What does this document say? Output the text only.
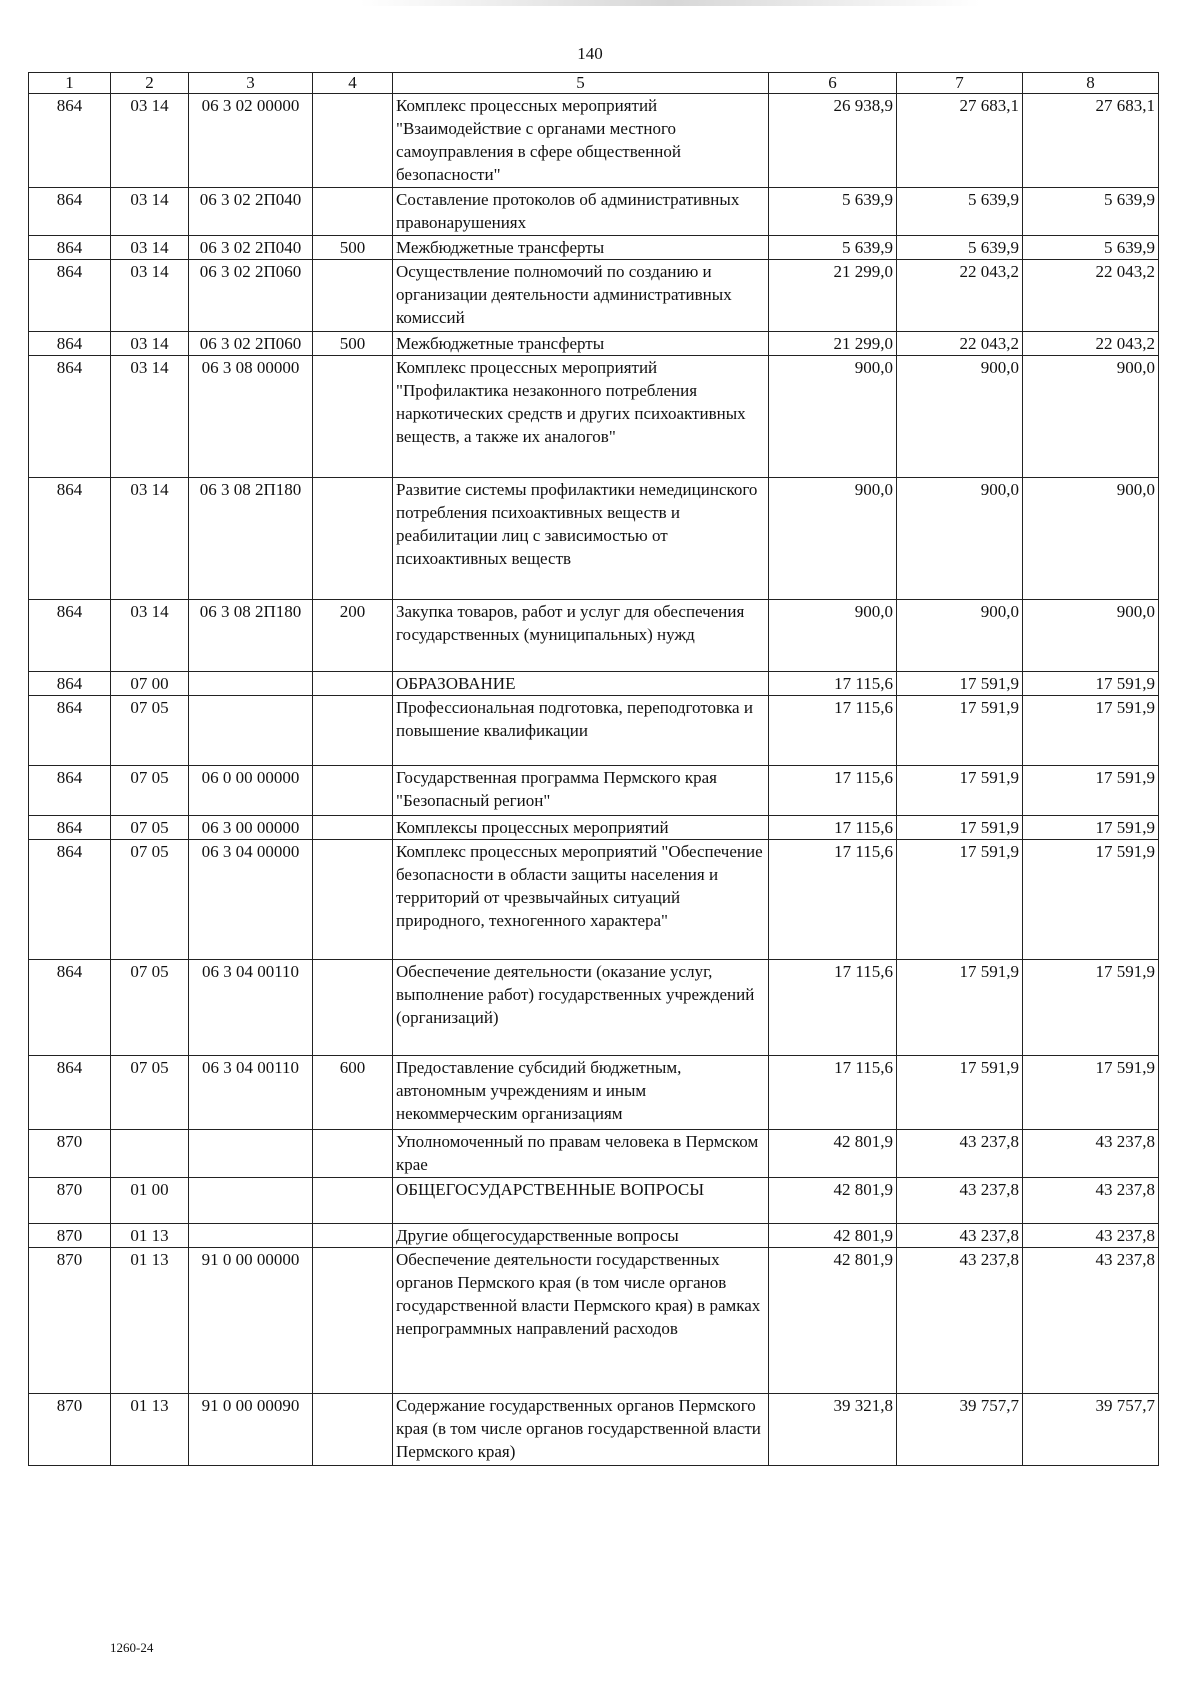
140
1	2	3	4	5	6	7	8
864	03 14	06 3 02 00000		Комплекс процессных мероприятий "Взаимодействие с органами местного самоуправления в сфере общественной безопасности"	26 938,9	27 683,1	27 683,1
864	03 14	06 3 02 2П040		Составление протоколов об административных правонарушениях	5 639,9	5 639,9	5 639,9
864	03 14	06 3 02 2П040	500	Межбюджетные трансферты	5 639,9	5 639,9	5 639,9
864	03 14	06 3 02 2П060		Осуществление полномочий по созданию и организации деятельности административных комиссий	21 299,0	22 043,2	22 043,2
864	03 14	06 3 02 2П060	500	Межбюджетные трансферты	21 299,0	22 043,2	22 043,2
864	03 14	06 3 08 00000		Комплекс процессных мероприятий "Профилактика незаконного потребления наркотических средств и других психоактивных веществ, а также их аналогов"	900,0	900,0	900,0
864	03 14	06 3 08 2П180		Развитие системы профилактики немедицинского потребления психоактивных веществ и реабилитации лиц с зависимостью от психоактивных веществ	900,0	900,0	900,0
864	03 14	06 3 08 2П180	200	Закупка товаров, работ и услуг для обеспечения государственных (муниципальных) нужд	900,0	900,0	900,0
864	07 00			ОБРАЗОВАНИЕ	17 115,6	17 591,9	17 591,9
864	07 05			Профессиональная подготовка, переподготовка и повышение квалификации	17 115,6	17 591,9	17 591,9
864	07 05	06 0 00 00000		Государственная программа Пермского края "Безопасный регион"	17 115,6	17 591,9	17 591,9
864	07 05	06 3 00 00000		Комплексы процессных мероприятий	17 115,6	17 591,9	17 591,9
864	07 05	06 3 04 00000		Комплекс процессных мероприятий "Обеспечение безопасности в области защиты населения и территорий от чрезвычайных ситуаций природного, техногенного характера"	17 115,6	17 591,9	17 591,9
864	07 05	06 3 04 00110		Обеспечение деятельности (оказание услуг, выполнение работ) государственных учреждений (организаций)	17 115,6	17 591,9	17 591,9
864	07 05	06 3 04 00110	600	Предоставление субсидий бюджетным, автономным учреждениям и иным некоммерческим организациям	17 115,6	17 591,9	17 591,9
870				Уполномоченный по правам человека в Пермском крае	42 801,9	43 237,8	43 237,8
870	01 00			ОБЩЕГОСУДАРСТВЕННЫЕ ВОПРОСЫ	42 801,9	43 237,8	43 237,8
870	01 13			Другие общегосударственные вопросы	42 801,9	43 237,8	43 237,8
870	01 13	91 0 00 00000		Обеспечение деятельности государственных органов Пермского края (в том числе органов государственной власти Пермского края) в рамках непрограммных направлений расходов	42 801,9	43 237,8	43 237,8
870	01 13	91 0 00 00090		Содержание государственных органов Пермского края (в том числе органов государственной власти Пермского края)	39 321,8	39 757,7	39 757,7
1260-24
